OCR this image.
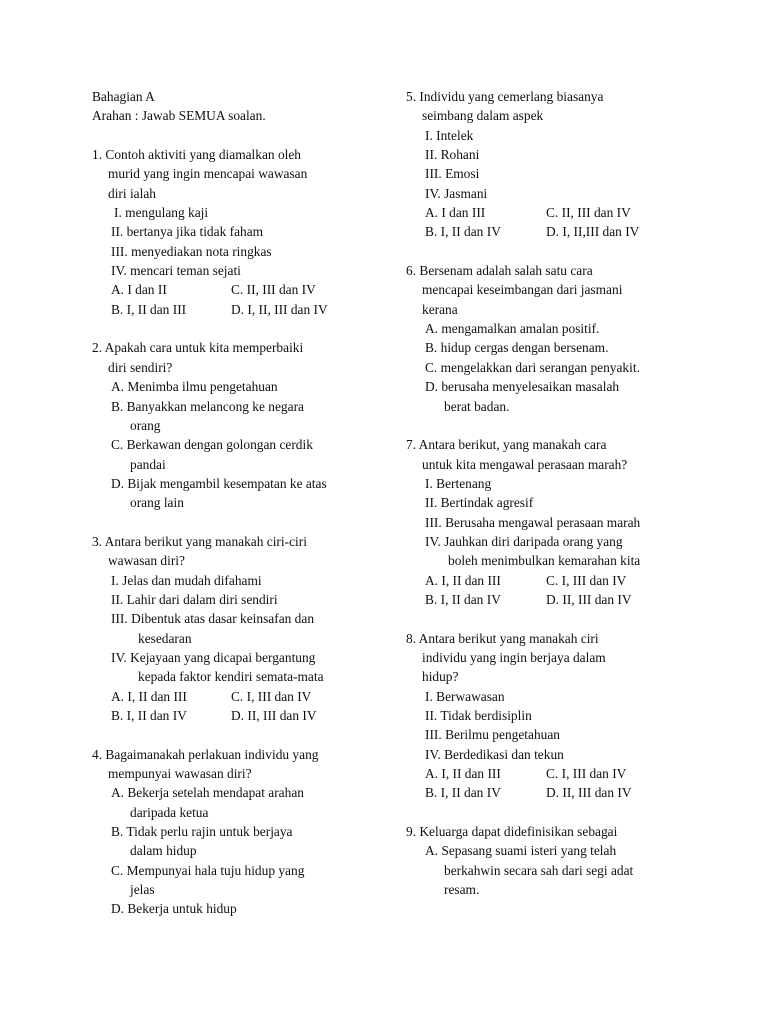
Bahagian A
Arahan : Jawab SEMUA soalan.
1. Contoh aktiviti yang diamalkan oleh
murid yang ingin mencapai wawasan
diri ialah
I. mengulang kaji
II. bertanya jika tidak faham
III. menyediakan nota ringkas
IV. mencari teman sejati
A. I dan II	C. II, III dan IV
B. I, II dan III	D. I, II, III dan IV
2. Apakah cara untuk kita memperbaiki
diri sendiri?
A. Menimba ilmu pengetahuan
B. Banyakkan melancong ke negara
orang
C. Berkawan dengan golongan cerdik
pandai
D. Bijak mengambil kesempatan ke atas
orang lain
3. Antara berikut yang manakah ciri-ciri
wawasan diri?
I. Jelas dan mudah difahami
II. Lahir dari dalam diri sendiri
III. Dibentuk atas dasar keinsafan dan
kesedaran
IV. Kejayaan yang dicapai bergantung
kepada faktor kendiri semata-mata
A. I, II dan III	C. I, III dan IV
B. I, II dan IV	D. II, III dan IV
4. Bagaimanakah perlakuan individu yang
mempunyai wawasan diri?
A. Bekerja setelah mendapat arahan
daripada ketua
B. Tidak perlu rajin untuk berjaya
dalam hidup
C. Mempunyai hala tuju hidup yang
jelas
D. Bekerja untuk hidup
5. Individu yang cemerlang biasanya
seimbang dalam aspek
I. Intelek
II. Rohani
III. Emosi
IV. Jasmani
A. I dan III	C. II, III dan IV
B. I, II dan IV	D. I, II,III dan IV
6. Bersenam adalah salah satu cara
mencapai keseimbangan dari jasmani
kerana
A. mengamalkan amalan positif.
B. hidup cergas dengan bersenam.
C. mengelakkan dari serangan penyakit.
D. berusaha menyelesaikan masalah
berat badan.
7. Antara berikut, yang manakah cara
untuk kita mengawal perasaan marah?
I. Bertenang
II. Bertindak agresif
III. Berusaha mengawal perasaan marah
IV. Jauhkan diri daripada orang yang
boleh menimbulkan kemarahan kita
A. I, II dan III	C. I, III dan IV
B. I, II dan IV	D. II, III dan IV
8. Antara berikut yang manakah ciri
individu yang ingin berjaya dalam
hidup?
I. Berwawasan
II. Tidak berdisiplin
III. Berilmu pengetahuan
IV. Berdedikasi dan tekun
A. I, II dan III	C. I, III dan IV
B. I, II dan IV	D. II, III dan IV
9. Keluarga dapat didefinisikan sebagai
A. Sepasang suami isteri yang telah
berkahwin secara sah dari segi adat
resam.
